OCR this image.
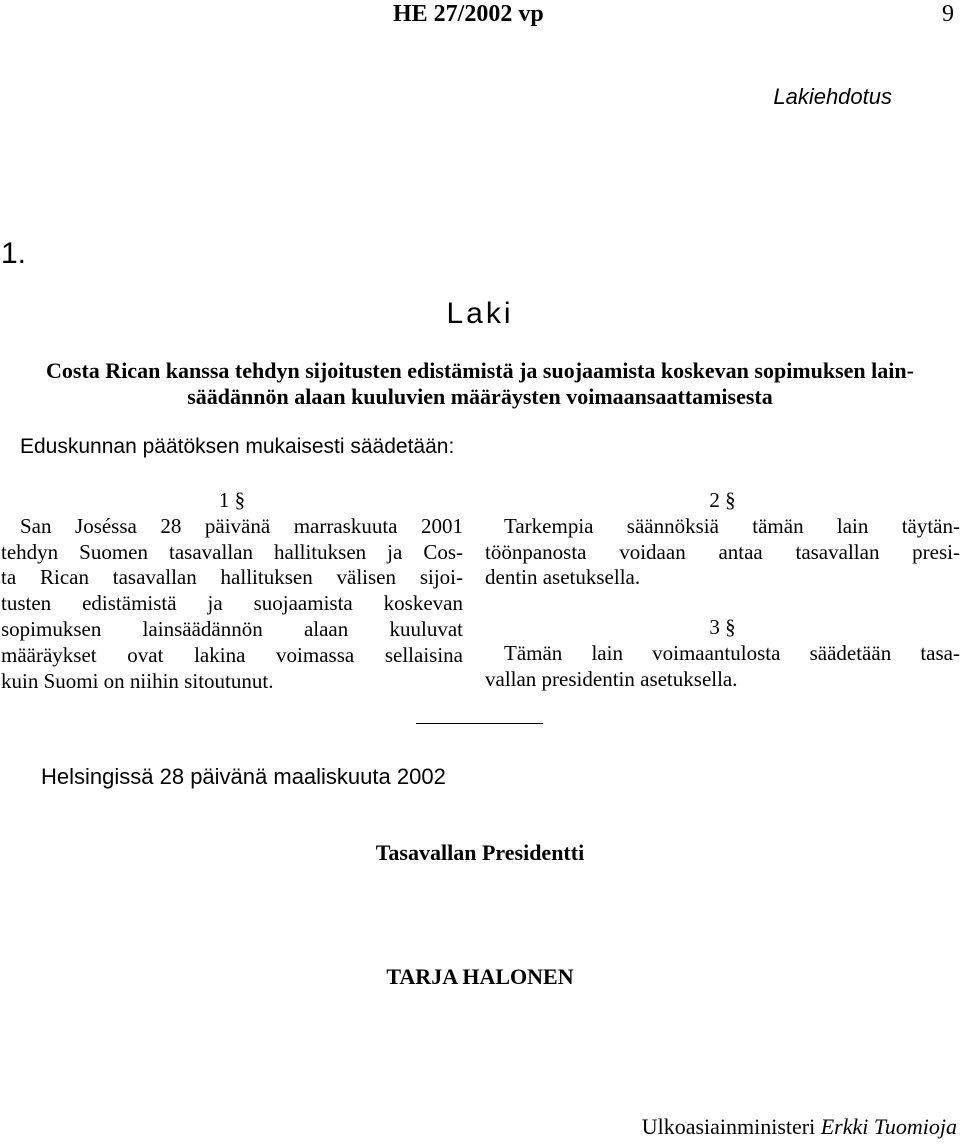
HE 27/2002 vp	9
Lakiehdotus
1.
Laki
Costa Rican kanssa tehdyn sijoitusten edistämistä ja suojaamista koskevan sopimuksen lain-
säädännön alaan kuuluvien määräysten voimaansaattamisesta
Eduskunnan päätöksen mukaisesti säädetään:
1 §
San Joséssa 28 päivänä marraskuuta 2001
tehdyn Suomen tasavallan hallituksen ja Cos-
ta Rican tasavallan hallituksen välisen sijoi-
tusten edistämistä ja suojaamista koskevan
sopimuksen lainsäädännön alaan kuuluvat
määräykset ovat lakina voimassa sellaisina
kuin Suomi on niihin sitoutunut.
2 §
Tarkempia säännöksiä tämän lain täytän-
töönpanosta voidaan antaa tasavallan presi-
dentin asetuksella.
3 §
Tämän lain voimaantulosta säädetään tasa-
vallan presidentin asetuksella.
Helsingissä 28 päivänä maaliskuuta 2002
Tasavallan Presidentti
TARJA HALONEN
Ulkoasiainministeri Erkki Tuomioja
